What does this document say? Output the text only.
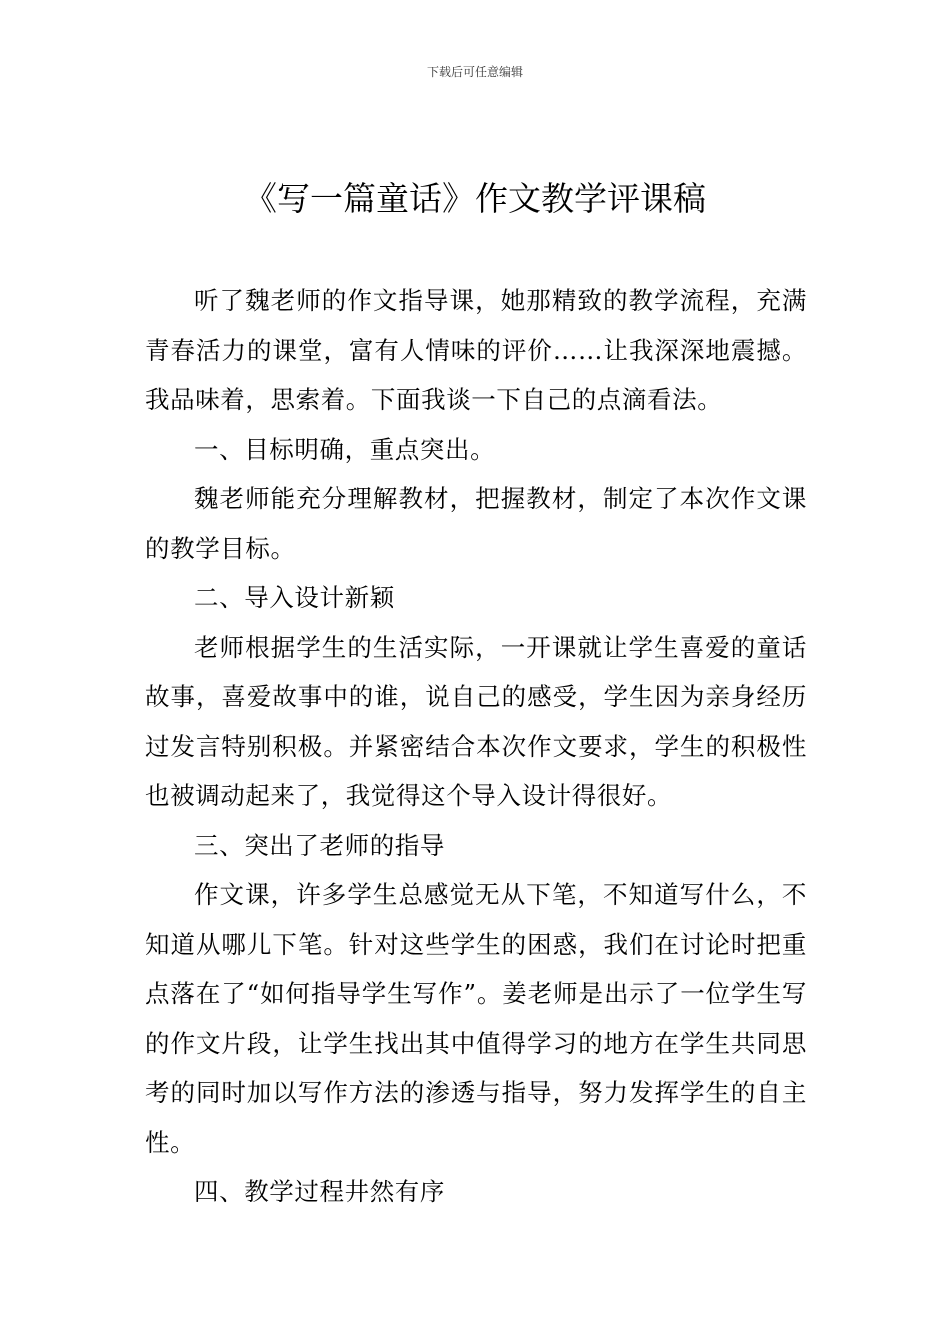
下载后可任意编辑
《写一篇童话》作文教学评课稿

听了魏老师的作文指导课，她那精致的教学流程，充满青春活力的课堂，富有人情味的评价……让我深深地震撼。我品味着，思索着。下面我谈一下自己的点滴看法。

一、目标明确，重点突出。

魏老师能充分理解教材，把握教材，制定了本次作文课的教学目标。

二、导入设计新颖

老师根据学生的生活实际，一开课就让学生喜爱的童话故事，喜爱故事中的谁，说自己的感受，学生因为亲身经历过发言特别积极。并紧密结合本次作文要求，学生的积极性也被调动起来了，我觉得这个导入设计得很好。

三、突出了老师的指导

作文课，许多学生总感觉无从下笔，不知道写什么，不知道从哪儿下笔。针对这些学生的困惑，我们在讨论时把重点落在了“如何指导学生写作”。姜老师是出示了一位学生写的作文片段，让学生找出其中值得学习的地方在学生共同思考的同时加以写作方法的渗透与指导，努力发挥学生的自主性。

四、教学过程井然有序
